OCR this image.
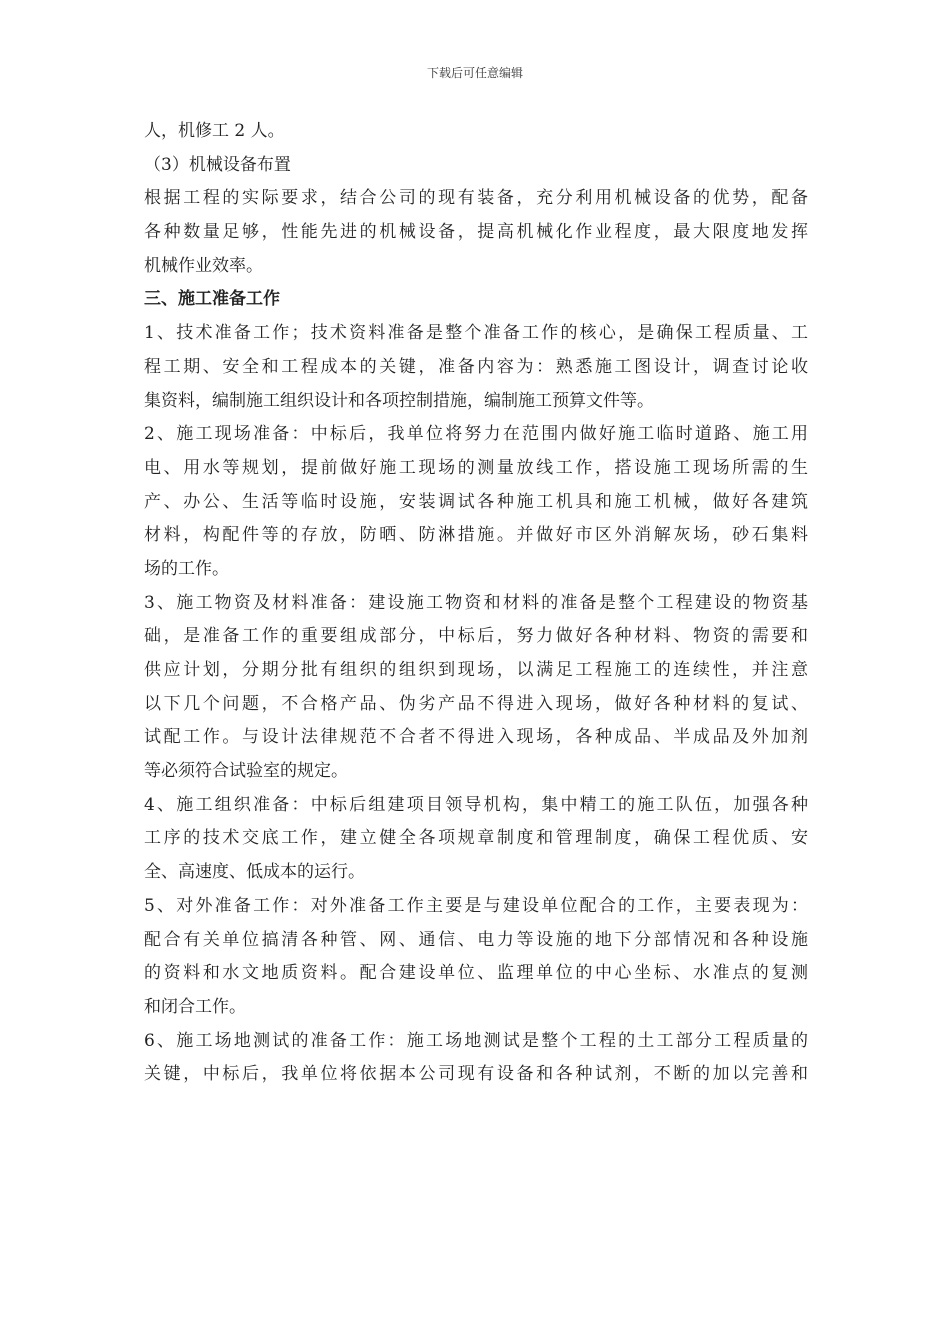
下载后可任意编辑
人，机修工 2 人。
（3）机械设备布置
根据工程的实际要求，结合公司的现有装备，充分利用机械设备的优势，配备
各种数量足够，性能先进的机械设备，提高机械化作业程度，最大限度地发挥
机械作业效率。
三、施工准备工作
1、技术准备工作；技术资料准备是整个准备工作的核心，是确保工程质量、工
程工期、安全和工程成本的关键，准备内容为：熟悉施工图设计，调查讨论收
集资料，编制施工组织设计和各项控制措施，编制施工预算文件等。
2、施工现场准备：中标后，我单位将努力在范围内做好施工临时道路、施工用
电、用水等规划，提前做好施工现场的测量放线工作，搭设施工现场所需的生
产、办公、生活等临时设施，安装调试各种施工机具和施工机械，做好各建筑
材料，构配件等的存放，防晒、防淋措施。并做好市区外消解灰场，砂石集料
场的工作。
3、施工物资及材料准备：建设施工物资和材料的准备是整个工程建设的物资基
础，是准备工作的重要组成部分，中标后，努力做好各种材料、物资的需要和
供应计划，分期分批有组织的组织到现场，以满足工程施工的连续性，并注意
以下几个问题，不合格产品、伪劣产品不得进入现场，做好各种材料的复试、
试配工作。与设计法律规范不合者不得进入现场，各种成品、半成品及外加剂
等必须符合试验室的规定。
4、施工组织准备：中标后组建项目领导机构，集中精工的施工队伍，加强各种
工序的技术交底工作，建立健全各项规章制度和管理制度，确保工程优质、安
全、高速度、低成本的运行。
5、对外准备工作：对外准备工作主要是与建设单位配合的工作，主要表现为：
配合有关单位搞清各种管、网、通信、电力等设施的地下分部情况和各种设施
的资料和水文地质资料。配合建设单位、监理单位的中心坐标、水准点的复测
和闭合工作。
6、施工场地测试的准备工作：施工场地测试是整个工程的土工部分工程质量的
关键，中标后，我单位将依据本公司现有设备和各种试剂，不断的加以完善和
